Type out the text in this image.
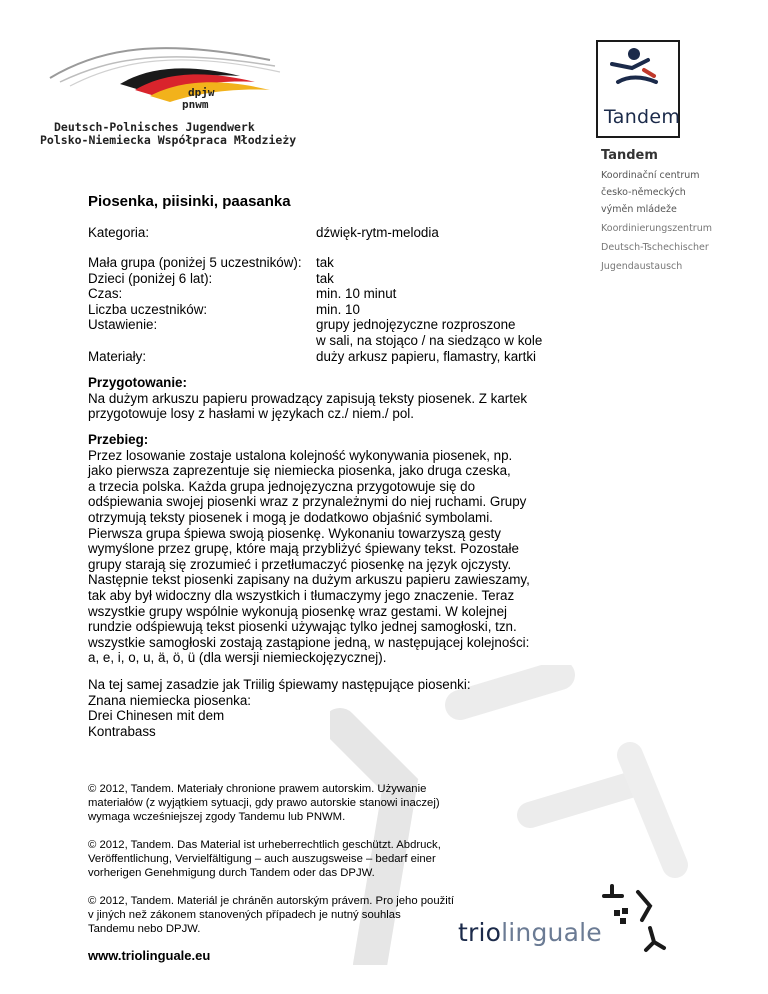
dpjw
pnwm
Deutsch-Polnisches Jugendwerk
Polsko-Niemiecka Współpraca Młodzieży
Tandem
Tandem
Koordinační centrum
česko-německých
výměn mládeže
Koordinierungszentrum
Deutsch-Tschechischer
Jugendaustausch
Piosenka, piisinki, paasanka
Kategoria:	dźwięk-rytm-melodia
Mała grupa (poniżej 5 uczestników): tak
Dzieci (poniżej 6 lat):	tak
Czas:	min. 10 minut
Liczba uczestników:	min. 10
Ustawienie:	grupy jednojęzyczne rozproszone
w sali, na stojąco / na siedząco w kole
Materiały:	duży arkusz papieru, flamastry, kartki
Przygotowanie:
Na dużym arkuszu papieru prowadzący zapisują teksty piosenek. Z kartek
przygotowuje losy z hasłami w językach cz./ niem./ pol.
Przebieg:
Przez losowanie zostaje ustalona kolejność wykonywania piosenek, np.
jako pierwsza zaprezentuje się niemiecka piosenka, jako druga czeska,
a trzecia polska. Każda grupa jednojęzyczna przygotowuje się do
odśpiewania swojej piosenki wraz z przynależnymi do niej ruchami. Grupy
otrzymują teksty piosenek i mogą je dodatkowo objaśnić symbolami.
Pierwsza grupa śpiewa swoją piosenkę. Wykonaniu towarzyszą gesty
wymyślone przez grupę, które mają przybliżyć śpiewany tekst. Pozostałe
grupy starają się zrozumieć i przetłumaczyć piosenkę na język ojczysty.
Następnie tekst piosenki zapisany na dużym arkuszu papieru zawieszamy,
tak aby był widoczny dla wszystkich i tłumaczymy jego znaczenie. Teraz
wszystkie grupy wspólnie wykonują piosenkę wraz gestami. W kolejnej
rundzie odśpiewują tekst piosenki używając tylko jednej samogłoski, tzn.
wszystkie samogłoski zostają zastąpione jedną, w następującej kolejności:
a, e, i, o, u, ä, ö, ü (dla wersji niemieckojęzycznej).
Na tej samej zasadzie jak Triilig śpiewamy następujące piosenki:
Znana niemiecka piosenka:
Drei Chinesen mit dem
Kontrabass
© 2012, Tandem. Materiały chronione prawem autorskim. Używanie
materiałów (z wyjątkiem sytuacji, gdy prawo autorskie stanowi inaczej)
wymaga wcześniejszej zgody Tandemu lub PNWM.
© 2012, Tandem. Das Material ist urheberrechtlich geschützt. Abdruck,
Veröffentlichung, Vervielfältigung – auch auszugsweise – bedarf einer
vorherigen Genehmigung durch Tandem oder das DPJW.
© 2012, Tandem. Materiál je chráněn autorským právem. Pro jeho použití
v jiných než zákonem stanovených případech je nutný souhlas
Tandemu nebo DPJW.
www.triolinguale.eu
triolinguale
